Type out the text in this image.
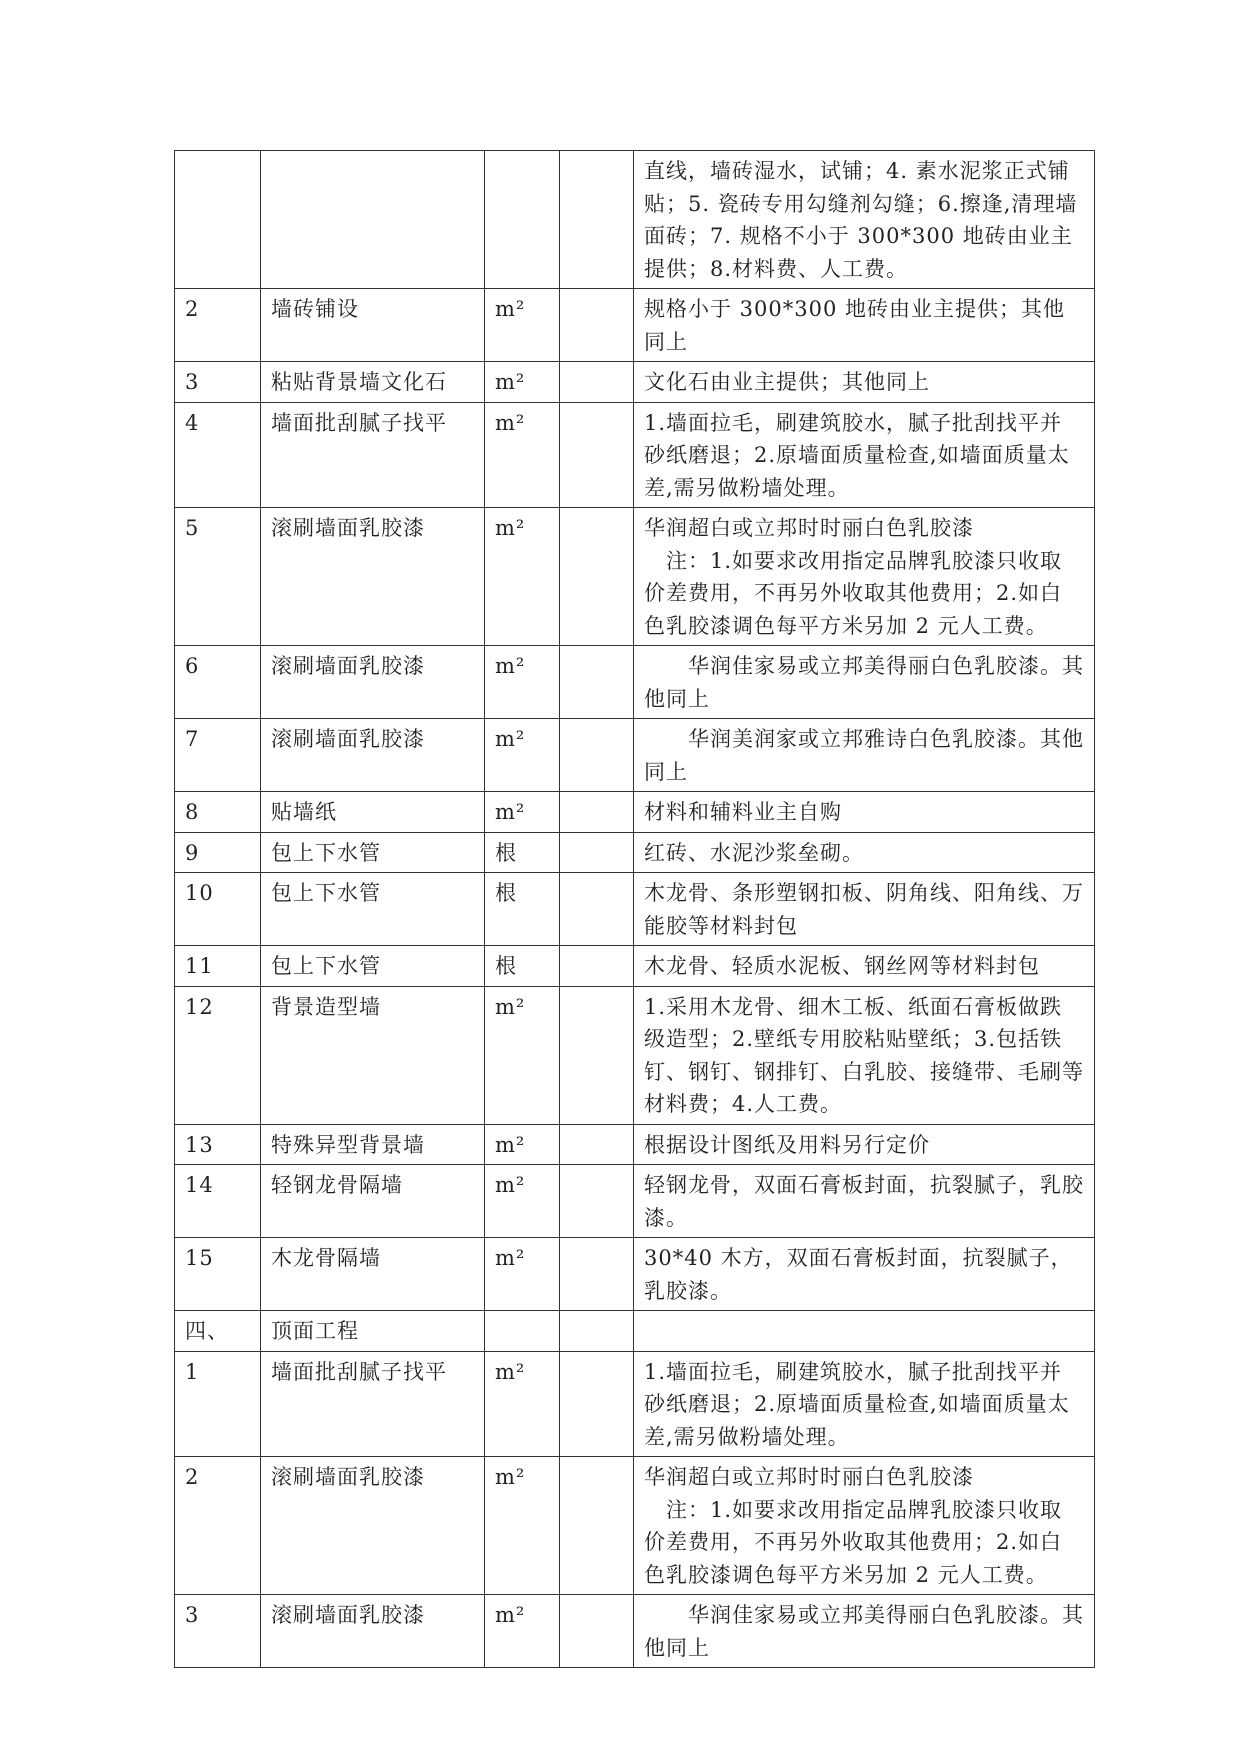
				直线，墙砖湿水，试铺；4. 素水泥浆正式铺贴；5. 瓷砖专用勾缝剂勾缝；6.擦逢,清理墙面砖；7. 规格不小于 300*300 地砖由业主提供；8.材料费、人工费。

2	墙砖铺设	m²		规格小于 300*300 地砖由业主提供；其他同上

3	粘贴背景墙文化石	m²		文化石由业主提供；其他同上

4	墙面批刮腻子找平	m²		1.墙面拉毛，刷建筑胶水，腻子批刮找平并砂纸磨退；2.原墙面质量检查,如墙面质量太差,需另做粉墙处理。

5	滚刷墙面乳胶漆	m²		华润超白或立邦时时丽白色乳胶漆
　注：1.如要求改用指定品牌乳胶漆只收取价差费用，不再另外收取其他费用；2.如白色乳胶漆调色每平方米另加 2 元人工费。

6	滚刷墙面乳胶漆	m²		　　华润佳家易或立邦美得丽白色乳胶漆。其他同上

7	滚刷墙面乳胶漆	m²		　　华润美润家或立邦雅诗白色乳胶漆。其他同上

8	贴墙纸	m²		材料和辅料业主自购

9	包上下水管	根		红砖、水泥沙浆垒砌。

10	包上下水管	根		木龙骨、条形塑钢扣板、阴角线、阳角线、万能胶等材料封包

11	包上下水管	根		木龙骨、轻质水泥板、钢丝网等材料封包

12	背景造型墙	m²		1.采用木龙骨、细木工板、纸面石膏板做跌级造型；2.壁纸专用胶粘贴壁纸；3.包括铁钉、钢钉、钢排钉、白乳胶、接缝带、毛刷等材料费；4.人工费。

13	特殊异型背景墙	m²		根据设计图纸及用料另行定价

14	轻钢龙骨隔墙	m²		轻钢龙骨，双面石膏板封面，抗裂腻子，乳胶漆。

15	木龙骨隔墙	m²		30*40 木方，双面石膏板封面，抗裂腻子，乳胶漆。

四、	顶面工程			

1	墙面批刮腻子找平	m²		1.墙面拉毛，刷建筑胶水，腻子批刮找平并砂纸磨退；2.原墙面质量检查,如墙面质量太差,需另做粉墙处理。

2	滚刷墙面乳胶漆	m²		华润超白或立邦时时丽白色乳胶漆
　注：1.如要求改用指定品牌乳胶漆只收取价差费用，不再另外收取其他费用；2.如白色乳胶漆调色每平方米另加 2 元人工费。

3	滚刷墙面乳胶漆	m²		　　华润佳家易或立邦美得丽白色乳胶漆。其他同上
